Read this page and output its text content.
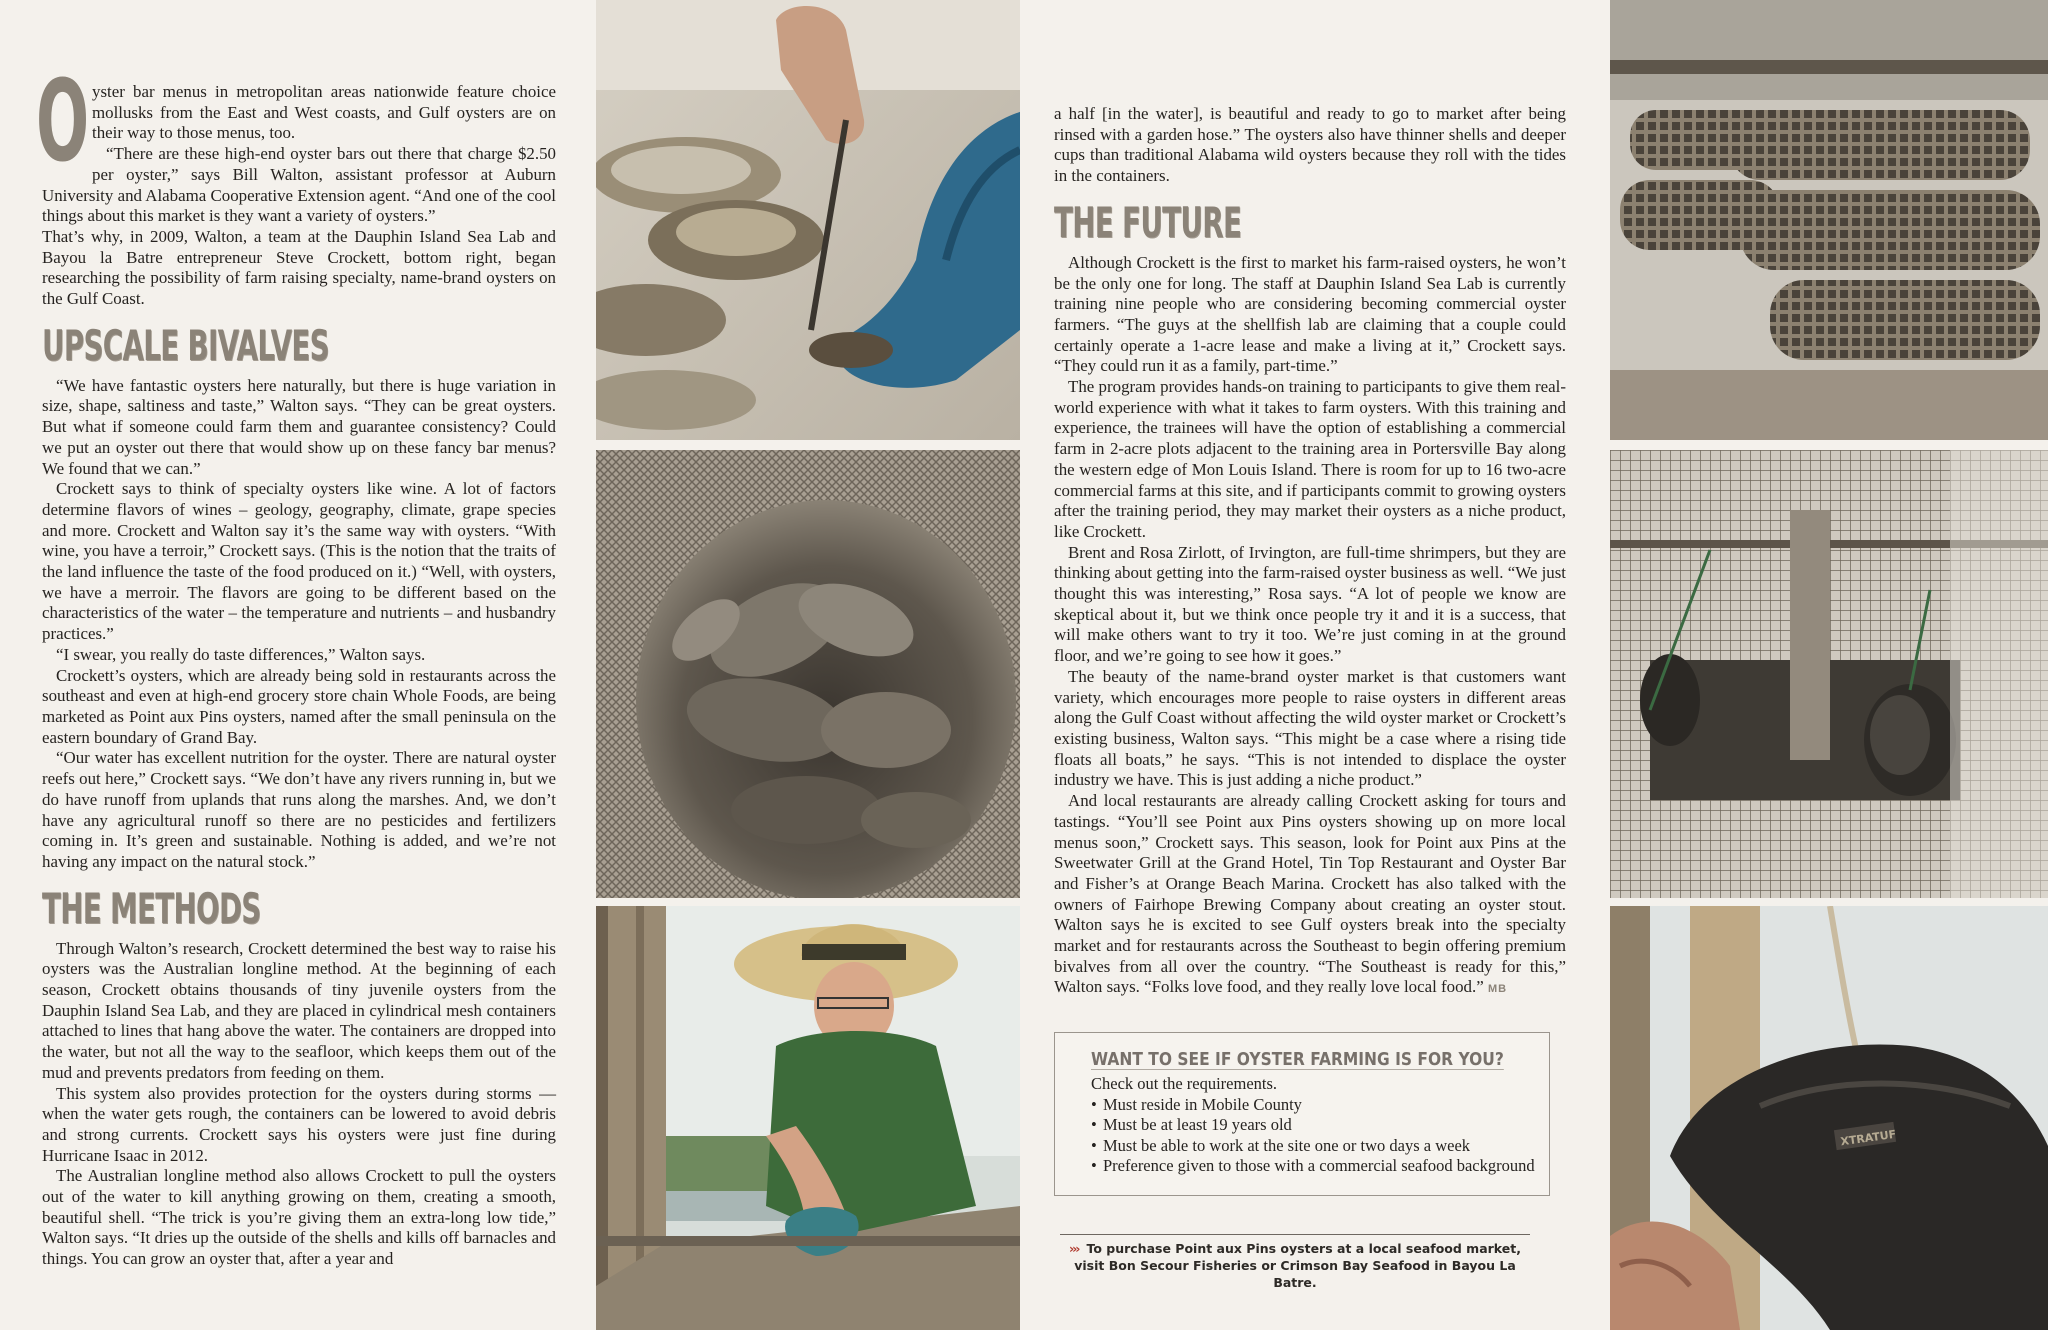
O yster bar menus in metropolitan areas nationwide feature choice mollusks from the East and West coasts, and Gulf oysters are on their way to those menus, too.

“There are these high-end oyster bars out there that charge $2.50 per oyster,” says Bill Walton, assistant professor at Auburn University and Alabama Cooperative Extension agent. “And one of the cool things about this market is they want a variety of oysters.”

That’s why, in 2009, Walton, a team at the Dauphin Island Sea Lab and Bayou la Batre entrepreneur Steve Crockett, bottom right, began researching the possibility of farm raising specialty, name-brand oysters on the Gulf Coast.

UPSCALE BIVALVES

“We have fantastic oysters here naturally, but there is huge variation in size, shape, saltiness and taste,” Walton says. “They can be great oysters. But what if someone could farm them and guarantee consistency? Could we put an oyster out there that would show up on these fancy bar menus? We found that we can.”

Crockett says to think of specialty oysters like wine. A lot of factors determine flavors of wines – geology, geography, climate, grape species and more. Crockett and Walton say it’s the same way with oysters. “With wine, you have a terroir,” Crockett says. (This is the notion that the traits of the land influence the taste of the food produced on it.) “Well, with oysters, we have a merroir. The flavors are going to be different based on the characteristics of the water – the temperature and nutrients – and husbandry practices.”

“I swear, you really do taste differences,” Walton says.

Crockett’s oysters, which are already being sold in restaurants across the southeast and even at high-end grocery store chain Whole Foods, are being marketed as Point aux Pins oysters, named after the small peninsula on the eastern boundary of Grand Bay.

“Our water has excellent nutrition for the oyster. There are natural oyster reefs out here,” Crockett says. “We don’t have any rivers running in, but we do have runoff from uplands that runs along the marshes. And, we don’t have any agricultural runoff so there are no pesticides and fertilizers coming in. It’s green and sustainable. Nothing is added, and we’re not having any impact on the natural stock.”

THE METHODS

Through Walton’s research, Crockett determined the best way to raise his oysters was the Australian longline method. At the beginning of each season, Crockett obtains thousands of tiny juvenile oysters from the Dauphin Island Sea Lab, and they are placed in cylindrical mesh containers attached to lines that hang above the water. The containers are dropped into the water, but not all the way to the seafloor, which keeps them out of the mud and prevents predators from feeding on them.

This system also provides protection for the oysters during storms — when the water gets rough, the containers can be lowered to avoid debris and strong currents. Crockett says his oysters were just fine during Hurricane Isaac in 2012.

The Australian longline method also allows Crockett to pull the oysters out of the water to kill anything growing on them, creating a smooth, beautiful shell. “The trick is you’re giving them an extra-long low tide,” Walton says. “It dries up the outside of the shells and kills off barnacles and things. You can grow an oyster that, after a year and

a half [in the water], is beautiful and ready to go to market after being rinsed with a garden hose.” The oysters also have thinner shells and deeper cups than traditional Alabama wild oysters because they roll with the tides in the containers.

THE FUTURE

Although Crockett is the first to market his farm-raised oysters, he won’t be the only one for long. The staff at Dauphin Island Sea Lab is currently training nine people who are considering becoming commercial oyster farmers. “The guys at the shellfish lab are claiming that a couple could certainly operate a 1-acre lease and make a living at it,” Crockett says. “They could run it as a family, part-time.”

The program provides hands-on training to participants to give them real-world experience with what it takes to farm oysters. With this training and experience, the trainees will have the option of establishing a commercial farm in 2-acre plots adjacent to the training area in Portersville Bay along the western edge of Mon Louis Island. There is room for up to 16 two-acre commercial farms at this site, and if participants commit to growing oysters after the training period, they may market their oysters as a niche product, like Crockett.

Brent and Rosa Zirlott, of Irvington, are full-time shrimpers, but they are thinking about getting into the farm-raised oyster business as well. “We just thought this was interesting,” Rosa says. “A lot of people we know are skeptical about it, but we think once people try it and it is a success, that will make others want to try it too. We’re just coming in at the ground floor, and we’re going to see how it goes.”

The beauty of the name-brand oyster market is that customers want variety, which encourages more people to raise oysters in different areas along the Gulf Coast without affecting the wild oyster market or Crockett’s existing business, Walton says. “This might be a case where a rising tide floats all boats,” he says. “This is not intended to displace the oyster industry we have. This is just adding a niche product.”

And local restaurants are already calling Crockett asking for tours and tastings. “You’ll see Point aux Pins oysters showing up on more local menus soon,” Crockett says. This season, look for Point aux Pins at the Sweetwater Grill at the Grand Hotel, Tin Top Restaurant and Oyster Bar and Fisher’s at Orange Beach Marina. Crockett has also talked with the owners of Fairhope Brewing Company about creating an oyster stout. Walton says he is excited to see Gulf oysters break into the specialty market and for restaurants across the Southeast to begin offering premium bivalves from all over the country. “The Southeast is ready for this,” Walton says. “Folks love food, and they really love local food.” MB

WANT TO SEE IF OYSTER FARMING IS FOR YOU?

Check out the requirements.

• Must reside in Mobile County
• Must be at least 19 years old
• Must be able to work at the site one or two days a week
• Preference given to those with a commercial seafood background
››› To purchase Point aux Pins oysters at a local seafood market,
visit Bon Secour Fisheries or Crimson Bay Seafood in Bayou La Batre.
XTRATUF
